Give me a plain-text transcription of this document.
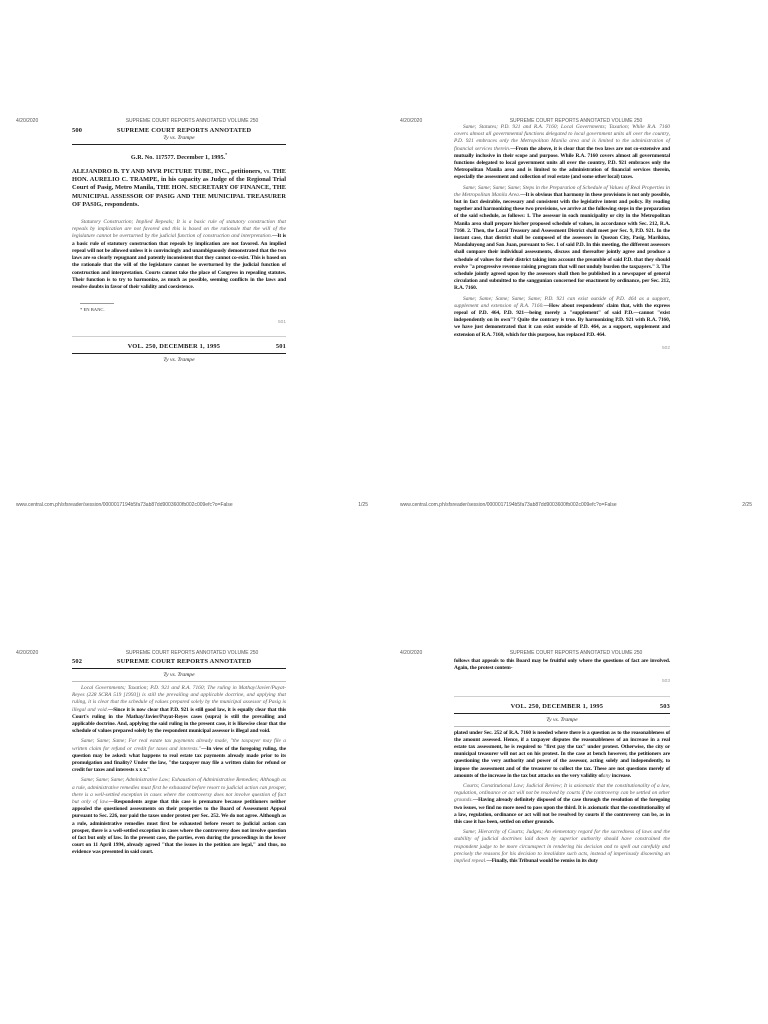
4/20/2020	SUPREME COURT REPORTS ANNOTATED VOLUME 250
500	SUPREME COURT REPORTS ANNOTATED
Ty vs. Trampe
G.R. No. 117577. December 1, 1995.*
ALEJANDRO B. TY AND MVR PICTURE TUBE, INC., petitioners, vs. THE HON. AURELIO C. TRAMPE, in his capacity as Judge of the Regional Trial Court of Pasig, Metro Manila, THE HON. SECRETARY OF FINANCE, THE MUNICIPAL ASSESSOR OF PASIG AND THE MUNICIPAL TREASURER OF PASIG, respondents.

Statutory Construction; Implied Repeals; It is a basic rule of statutory construction that repeals by implication are not favored and this is based on the rationale that the will of the legislature cannot be overturned by the judicial function of construction and interpretation.—It is a basic rule of statutory construction that repeals by implication are not favored. An implied repeal will not be allowed unless it is convincingly and unambiguously demonstrated that the two laws are so clearly repugnant and patently inconsistent that they cannot co-exist. This is based on the rationale that the will of the legislature cannot be overturned by the judicial function of construction and interpretation. Courts cannot take the place of Congress in repealing statutes. Their function is to try to harmonize, as much as possible, seeming conflicts in the laws and resolve doubts in favor of their validity and coexistence.

* EN BANC.
501
VOL. 250, DECEMBER 1, 1995	501
Ty vs. Trampe
www.central.com.ph/sfsreader/session/0000017194b5fa73ab87dd9003600fb002c009efc?o=False	1/25
4/20/2020	SUPREME COURT REPORTS ANNOTATED VOLUME 250

Same; Statutes; P.D. 921 and R.A. 7160; Local Governments; Taxation; While R.A. 7160 covers almost all governmental functions delegated to local government units all over the country, P.D. 921 embraces only the Metropolitan Manila area and is limited to the administration of financial services therein.—From the above, it is clear that the two laws are not co-extensive and mutually inclusive in their scope and purpose. While R.A. 7160 covers almost all governmental functions delegated to local government units all over the country, P.D. 921 embraces only the Metropolitan Manila area and is limited to the administration of financial services therein, especially the assessment and collection of real estate (and some other local) taxes.

Same; Same; Same; Same; Steps in the Preparation of Schedule of Values of Real Properties in the Metropolitan Manila Area.—It is obvious that harmony in these provisions is not only possible, but in fact desirable, necessary and consistent with the legislative intent and policy. By reading together and harmonizing these two provisions, we arrive at the following steps in the preparation of the said schedule, as follows: 1. The assessor in each municipality or city in the Metropolitan Manila area shall prepare his/her proposed schedule of values, in accordance with Sec. 212, R.A. 7160. 2. Then, the Local Treasury and Assessment District shall meet per Sec. 9, P.D. 921. In the instant case, that district shall be composed of the assessors in Quezon City, Pasig, Marikina, Mandaluyong and San Juan, pursuant to Sec. 1 of said P.D. In this meeting, the different assessors shall compare their individual assessments, discuss and thereafter jointly agree and produce a schedule of values for their district taking into account the preamble of said P.D. that they should evolve "a progressive revenue raising program that will not unduly burden the taxpayers." 3. The schedule jointly agreed upon by the assessors shall then be published in a newspaper of general circulation and submitted to the sanggunian concerned for enactment by ordinance, per Sec. 212, R.A. 7160.

Same; Same; Same; Same; Same; P.D. 921 can exist outside of P.D. 464 as a support, supplement and extension of R.A. 7160.—How about respondents' claim that, with the express repeal of P.D. 464, P.D. 921—being merely a "supplement" of said P.D.—cannot "exist independently on its own"? Quite the contrary is true. By harmonizing P.D. 921 with R.A. 7160, we have just demonstrated that it can exist outside of P.D. 464, as a support, supplement and extension of R.A. 7160, which for this purpose, has replaced P.D. 464.

502
www.central.com.ph/sfsreader/session/0000017194b5fa73ab87dd9003600fb002c009efc?o=False	2/25
4/20/2020	SUPREME COURT REPORTS ANNOTATED VOLUME 250
502	SUPREME COURT REPORTS ANNOTATED
Ty vs. Trampe

Local Governments; Taxation; P.D. 921 and R.A. 7160; The ruling in Mathay/Javier/Puyat-Reyes (228 SCRA 519 [1993]) is still the prevailing and applicable doctrine, and applying that ruling, it is clear that the schedule of values prepared solely by the municipal assessor of Pasig is illegal and void.—Since it is now clear that P.D. 921 is still good law, it is equally clear that this Court's ruling in the Mathay/Javier/Puyat-Reyes cases (supra) is still the prevailing and applicable doctrine. And, applying the said ruling in the present case, it is likewise clear that the schedule of values prepared solely by the respondent municipal assessor is illegal and void.

Same; Same; Same; For real estate tax payments already made, "the taxpayer may file a written claim for refund or credit for taxes and interests."—In view of the foregoing ruling, the question may be asked: what happens to real estate tax payments already made prior to its promulgation and finality? Under the law, "the taxpayer may file a written claim for refund or credit for taxes and interests x x x."

Same; Same; Same; Administrative Law; Exhaustion of Administrative Remedies; Although as a rule, administrative remedies must first be exhausted before resort to judicial action can prosper, there is a well-settled exception in cases where the controversy does not involve question of fact but only of law.—Respondents argue that this case is premature because petitioners neither appealed the questioned assessments on their properties to the Board of Assessment Appeal pursuant to Sec. 226, nor paid the taxes under protest per Sec. 252. We do not agree. Although as a rule, administrative remedies must first be exhausted before resort to judicial action can prosper, there is a well-settled exception in cases where the controversy does not involve question of fact but only of law. In the present case, the parties, even during the proceedings in the lower court on 11 April 1994, already agreed "that the issues in the petition are legal," and thus, no evidence was presented in said court.

4/20/2020	SUPREME COURT REPORTS ANNOTATED VOLUME 250

follows that appeals to this Board may be fruitful only where the questions of fact are involved. Again, the protest contem-

503
VOL. 250, DECEMBER 1, 1995	503
Ty vs. Trampe

plated under Sec. 252 of R.A. 7160 is needed where there is a question as to the reasonableness of the amount assessed. Hence, if a taxpayer disputes the reasonableness of an increase in a real estate tax assessment, he is required to "first pay the tax" under protest. Otherwise, the city or municipal treasurer will not act on his protest. In the case at bench however, the petitioners are questioning the very authority and power of the assessor, acting solely and independently, to impose the assessment and of the treasurer to collect the tax. These are not questions merely of amounts of the increase in the tax but attacks on the very validity ofany increase.

Courts; Constitutional Law; Judicial Review; It is axiomatic that the constitutionality of a law, regulation, ordinance or act will not be resolved by courts if the controversy can be settled on other grounds.—Having already definitely disposed of the case through the resolution of the foregoing two issues, we find no more need to pass upon the third. It is axiomatic that the constitutionality of a law, regulation, ordinance or act will not be resolved by courts if the controversy can be, as in this case it has been, settled on other grounds.

Same; Hierarchy of Courts; Judges; An elementary regard for the sacredness of laws and the stability of judicial doctrines laid down by superior authority should have constrained the respondent judge to be more circumspect in rendering his decision and to spell out carefully and precisely the reasons for his decision to invalidate such acts, instead of imperiously disowning an implied repeal.—Finally, this Tribunal would be remiss in its duty
